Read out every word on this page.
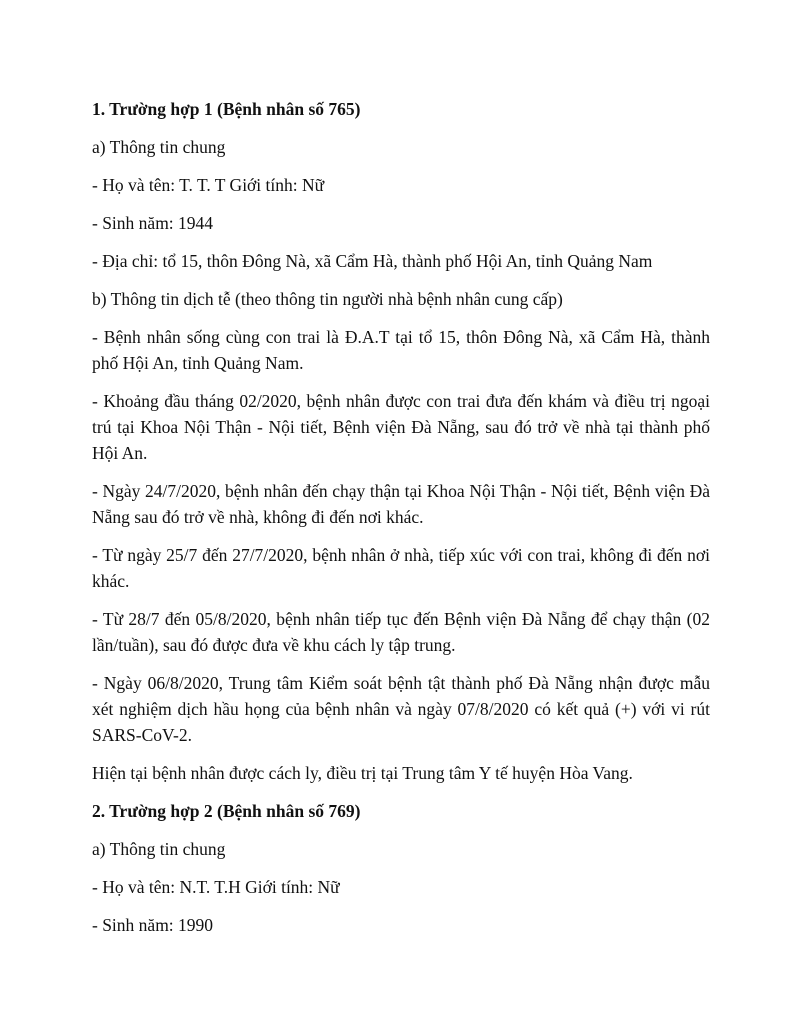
1. Trường hợp 1 (Bệnh nhân số 765)

a) Thông tin chung

- Họ và tên: T. T. T Giới tính: Nữ

- Sinh năm: 1944

- Địa chỉ: tổ 15, thôn Đông Nà, xã Cẩm Hà, thành phố Hội An, tỉnh Quảng Nam

b) Thông tin dịch tễ (theo thông tin người nhà bệnh nhân cung cấp)

- Bệnh nhân sống cùng con trai là Đ.A.T tại tổ 15, thôn Đông Nà, xã Cẩm Hà, thành phố Hội An, tỉnh Quảng Nam.

- Khoảng đầu tháng 02/2020, bệnh nhân được con trai đưa đến khám và điều trị ngoại trú tại Khoa Nội Thận - Nội tiết, Bệnh viện Đà Nẵng, sau đó trở về nhà tại thành phố Hội An.

- Ngày 24/7/2020, bệnh nhân đến chạy thận tại Khoa Nội Thận - Nội tiết, Bệnh viện Đà Nẵng sau đó trở về nhà, không đi đến nơi khác.

- Từ ngày 25/7 đến 27/7/2020, bệnh nhân ở nhà, tiếp xúc với con trai, không đi đến nơi khác.

- Từ 28/7 đến 05/8/2020, bệnh nhân tiếp tục đến Bệnh viện Đà Nẵng để chạy thận (02 lần/tuần), sau đó được đưa về khu cách ly tập trung.

- Ngày 06/8/2020, Trung tâm Kiểm soát bệnh tật thành phố Đà Nẵng nhận được mẫu xét nghiệm dịch hầu họng của bệnh nhân và ngày 07/8/2020 có kết quả (+) với vi rút SARS-CoV-2.

Hiện tại bệnh nhân được cách ly, điều trị tại Trung tâm Y tế huyện Hòa Vang.

2. Trường hợp 2 (Bệnh nhân số 769)

a) Thông tin chung

- Họ và tên: N.T. T.H Giới tính: Nữ

- Sinh năm: 1990
